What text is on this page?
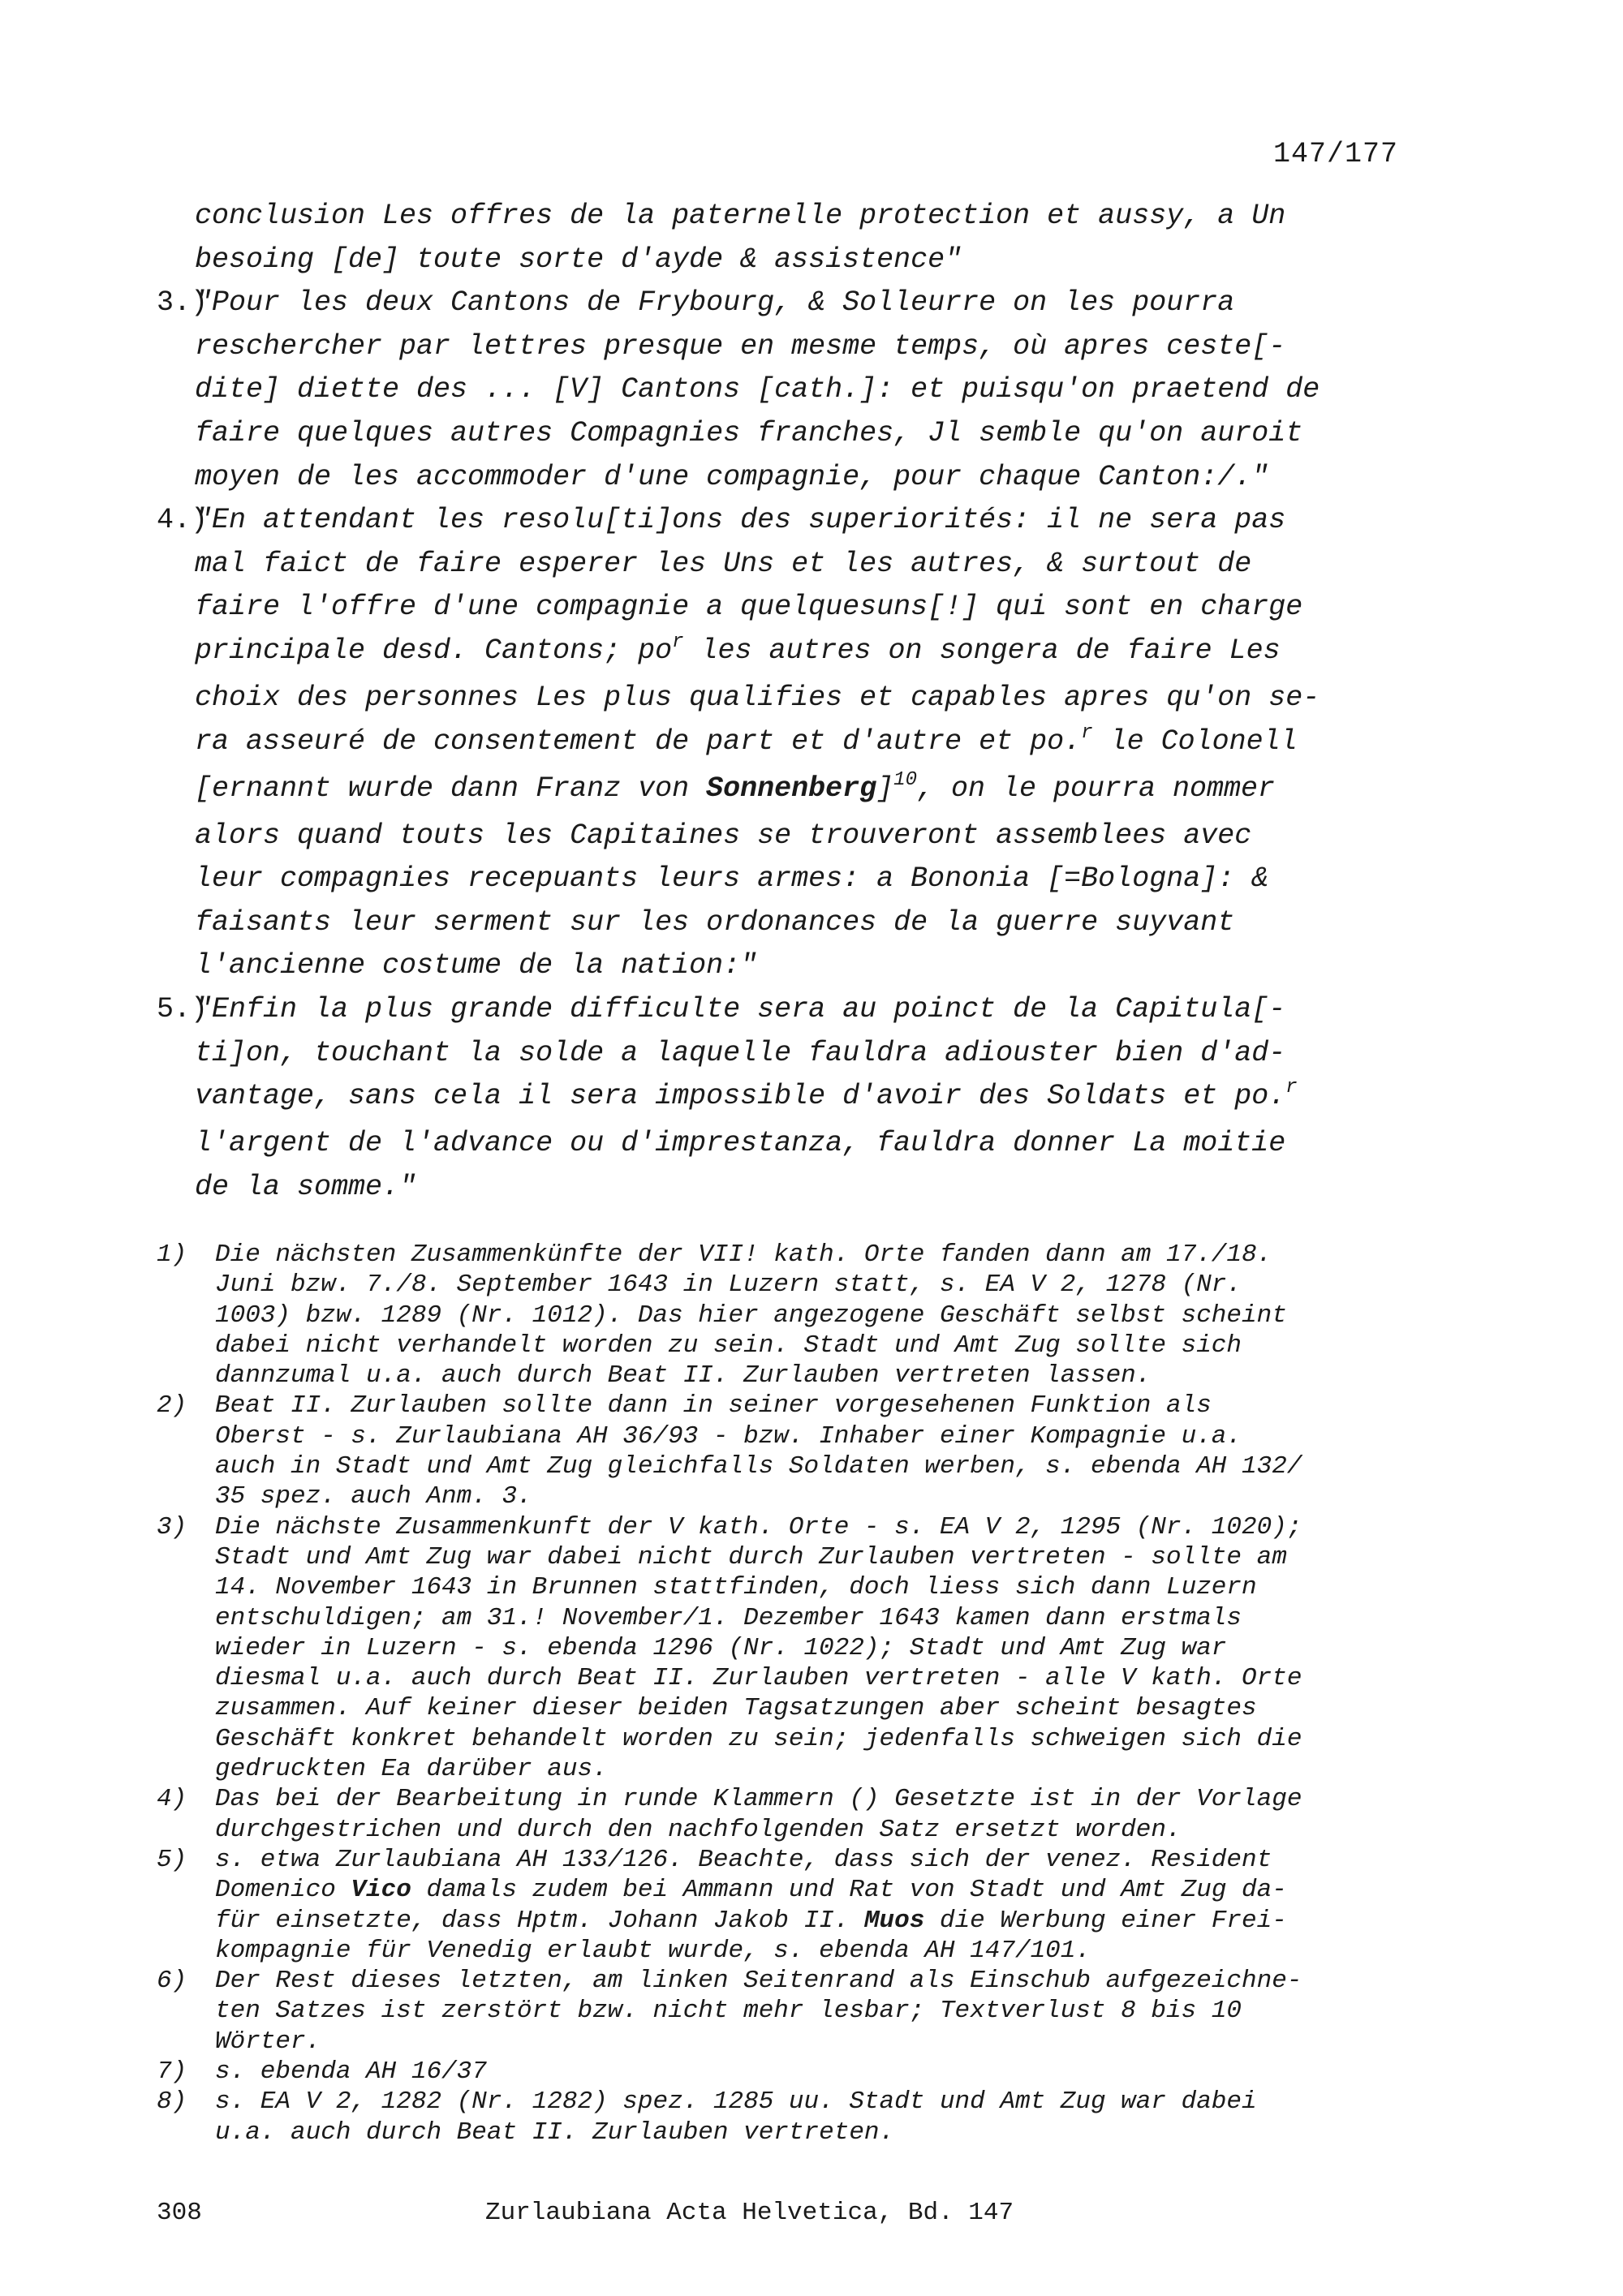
147/177
conclusion Les offres de la paternelle protection et aussy, a Un
besoing [de] toute sorte d'ayde & assistence"
3.)
"Pour les deux Cantons de Frybourg, & Solleurre on les pourra
reschercher par lettres presque en mesme temps, où apres ceste[-
dite] diette des ... [V] Cantons [cath.]: et puisqu'on praetend de
faire quelques autres Compagnies franches, Jl semble qu'on auroit
moyen de les accommoder d'une compagnie, pour chaque Canton:/."
4.)
"En attendant les resolu[ti]ons des superiorités: il ne sera pas
mal faict de faire esperer les Uns et les autres, & surtout de
faire l'offre d'une compagnie a quelquesuns[!] qui sont en charge
principale desd. Cantons; $po^r$ les autres on songera de faire Les
choix des personnes Les plus qualifies et capables apres qu'on se-
ra asseuré de consentement de part et d'autre et po.$^r$ le Colonell
[ernannt wurde dann Franz von Sonnenberg]$^{10}$, on le pourra nommer
alors quand touts les Capitaines se trouveront assemblees avec
leur compagnies recepuants leurs armes: a Bononia [=Bologna]: &
faisants leur serment sur les ordonances de la guerre suyvant
l'ancienne costume de la nation:"
5.)
"Enfin la plus grande difficulte sera au poinct de la Capitula[-
ti]on, touchant la solde a laquelle fauldra adiouster bien d'ad-
vantage, sans cela il sera impossible d'avoir des Soldats et po.$^r$
l'argent de l'advance ou d'imprestanza, fauldra donner La moitie
de la somme."
1) Die nächsten Zusammenkünfte der VII! kath. Orte fanden dann am 17./18.
Juni bzw. 7./8. September 1643 in Luzern statt, s. EA V 2, 1278 (Nr.
1003) bzw. 1289 (Nr. 1012). Das hier angezogene Geschäft selbst scheint
dabei nicht verhandelt worden zu sein. Stadt und Amt Zug sollte sich
dannzumal u.a. auch durch Beat II. Zurlauben vertreten lassen.
2) Beat II. Zurlauben sollte dann in seiner vorgesehenen Funktion als
Oberst - s. Zurlaubiana AH 36/93 - bzw. Inhaber einer Kompagnie u.a.
auch in Stadt und Amt Zug gleichfalls Soldaten werben, s. ebenda AH 132/
35 spez. auch Anm. 3.
3) Die nächste Zusammenkunft der V kath. Orte - s. EA V 2, 1295 (Nr. 1020);
Stadt und Amt Zug war dabei nicht durch Zurlauben vertreten - sollte am
14. November 1643 in Brunnen stattfinden, doch liess sich dann Luzern
entschuldigen; am 31.! November/1. Dezember 1643 kamen dann erstmals
wieder in Luzern - s. ebenda 1296 (Nr. 1022); Stadt und Amt Zug war
diesmal u.a. auch durch Beat II. Zurlauben vertreten - alle V kath. Orte
zusammen. Auf keiner dieser beiden Tagsatzungen aber scheint besagtes
Geschäft konkret behandelt worden zu sein; jedenfalls schweigen sich die
gedruckten Ea darüber aus.
4) Das bei der Bearbeitung in runde Klammern () Gesetzte ist in der Vorlage
durchgestrichen und durch den nachfolgenden Satz ersetzt worden.
5) s. etwa Zurlaubiana AH 133/126. Beachte, dass sich der venez. Resident
Domenico Vico damals zudem bei Ammann und Rat von Stadt und Amt Zug da-
für einsetzte, dass Hptm. Johann Jakob II. Muos die Werbung einer Frei-
kompagnie für Venedig erlaubt wurde, s. ebenda AH 147/101.
6) Der Rest dieses letzten, am linken Seitenrand als Einschub aufgezeichne-
ten Satzes ist zerstört bzw. nicht mehr lesbar; Textverlust 8 bis 10
Wörter.
7) s. ebenda AH 16/37
8) s. EA V 2, 1282 (Nr. 1282) spez. 1285 uu. Stadt und Amt Zug war dabei
u.a. auch durch Beat II. Zurlauben vertreten.
308	Zurlaubiana Acta Helvetica, Bd. 147
